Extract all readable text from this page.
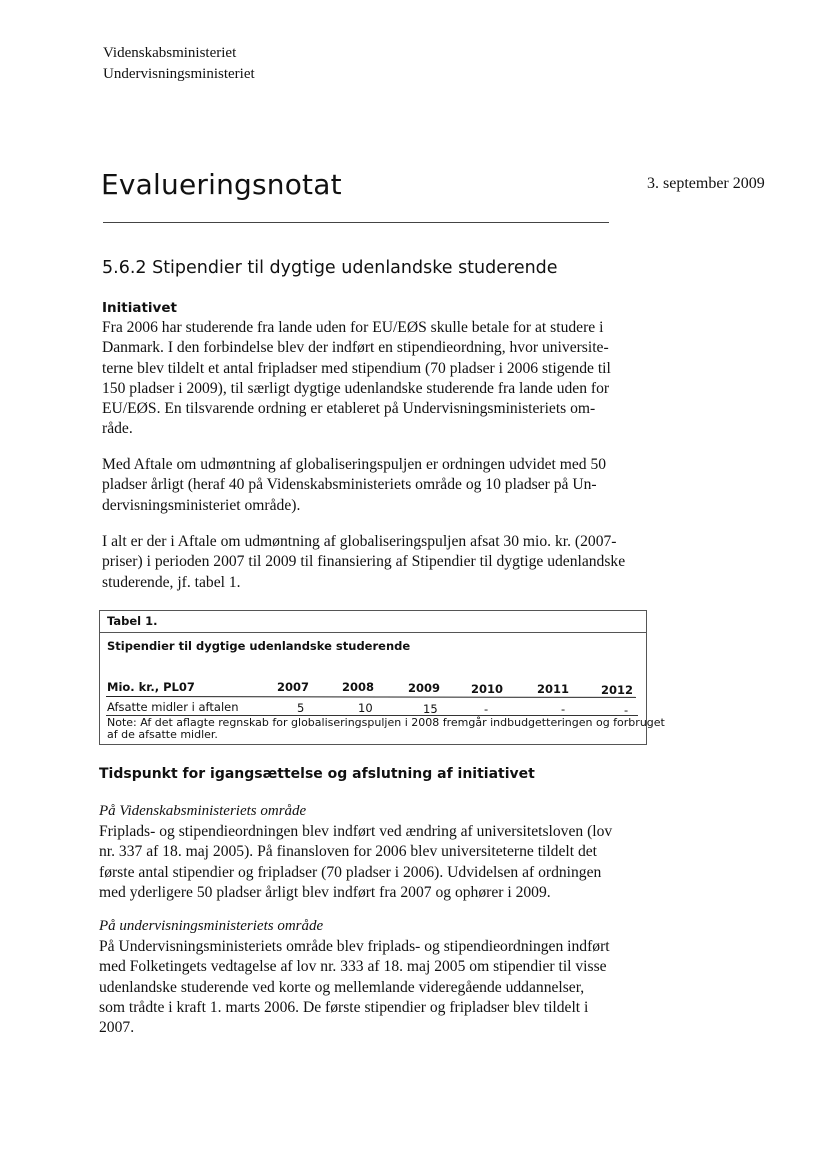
Videnskabsministeriet
Undervisningsministeriet
Evalueringsnotat	3. september 2009
5.6.2 Stipendier til dygtige udenlandske studerende
Initiativet
Fra 2006 har studerende fra lande uden for EU/EØS skulle betale for at studere i
Danmark. I den forbindelse blev der indført en stipendieordning, hvor universite-
terne blev tildelt et antal fripladser med stipendium (70 pladser i 2006 stigende til
150 pladser i 2009), til særligt dygtige udenlandske studerende fra lande uden for
EU/EØS. En tilsvarende ordning er etableret på Undervisningsministeriets om-
råde.
Med Aftale om udmøntning af globaliseringspuljen er ordningen udvidet med 50
pladser årligt (heraf 40 på Videnskabsministeriets område og 10 pladser på Un-
dervisningsministeriet område).
I alt er der i Aftale om udmøntning af globaliseringspuljen afsat 30 mio. kr. (2007-
priser) i perioden 2007 til 2009 til finansiering af Stipendier til dygtige udenlandske
studerende, jf. tabel 1.
Tabel 1.
Stipendier til dygtige udenlandske studerende
Mio. kr., PL07	2007	2008	2009	2010	2011	2012
Afsatte midler i aftalen	5	10	15	-	-	-
Note: Af det aflagte regnskab for globaliseringspuljen i 2008 fremgår indbudgetteringen og forbruget
af de afsatte midler.
Tidspunkt for igangsættelse og afslutning af initiativet
På Videnskabsministeriets område
Friplads- og stipendieordningen blev indført ved ændring af universitetsloven (lov
nr. 337 af 18. maj 2005). På finansloven for 2006 blev universiteterne tildelt det
første antal stipendier og fripladser (70 pladser i 2006). Udvidelsen af ordningen
med yderligere 50 pladser årligt blev indført fra 2007 og ophører i 2009.
På undervisningsministeriets område
På Undervisningsministeriets område blev friplads- og stipendieordningen indført
med Folketingets vedtagelse af lov nr. 333 af 18. maj 2005 om stipendier til visse
udenlandske studerende ved korte og mellemlande videregående uddannelser,
som trådte i kraft 1. marts 2006. De første stipendier og fripladser blev tildelt i
2007.
